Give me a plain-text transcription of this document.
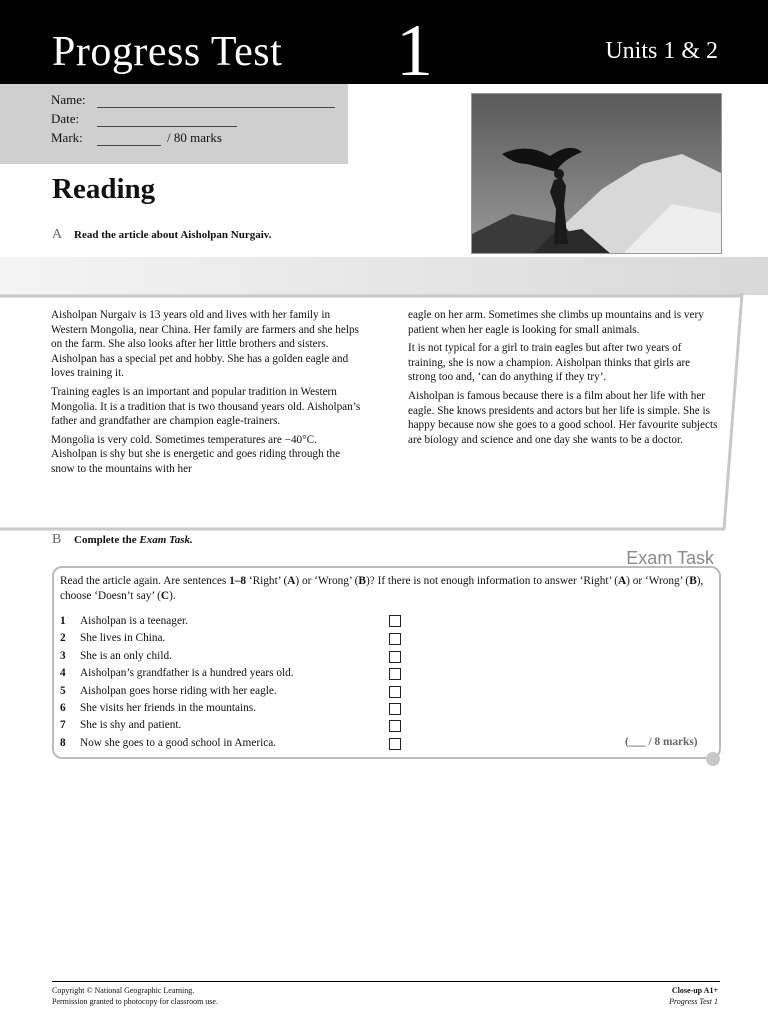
Progress Test 1	Units 1 & 2
Name:
Date:
Mark:	/ 80 marks
Reading
A	Read the article about Aisholpan Nurgaiv.

Aisholpan Nurgaiv is 13 years old and lives with her family in Western Mongolia, near China. Her family are farmers and she helps on the farm. She also looks after her little brothers and sisters. Aisholpan has a special pet and hobby. She has a golden eagle and loves training it.

Training eagles is an important and popular tradition in Western Mongolia. It is a tradition that is two thousand years old. Aisholpan’s father and grandfather are champion eagle-trainers.

Mongolia is very cold. Sometimes temperatures are −40°C. Aisholpan is shy but she is energetic and goes riding through the snow to the mountains with her

eagle on her arm. Sometimes she climbs up mountains and is very patient when her eagle is looking for small animals.

It is not typical for a girl to train eagles but after two years of training, she is now a champion. Aisholpan thinks that girls are strong too and, ‘can do anything if they try’.

Aisholpan is famous because there is a film about her life with her eagle. She knows presidents and actors but her life is simple. She is happy because now she goes to a good school. Her favourite subjects are biology and science and one day she wants to be a doctor.

B	Complete the Exam Task.
Exam Task
Read the article again. Are sentences 1–8 ‘Right’ (A) or ‘Wrong’ (B)? If there is not enough information to answer ‘Right’ (A) or ‘Wrong’ (B), choose ‘Doesn’t say’ (C).
1	Aisholpan is a teenager.
2	She lives in China.
3	She is an only child.
4	Aisholpan’s grandfather is a hundred years old.
5	Aisholpan goes horse riding with her eagle.
6	She visits her friends in the mountains.
7	She is shy and patient.
8	Now she goes to a good school in America.	(___ / 8 marks)
Copyright © National Geographic Learning.
Permission granted to photocopy for classroom use.
Close-up A1+
Progress Test 1
